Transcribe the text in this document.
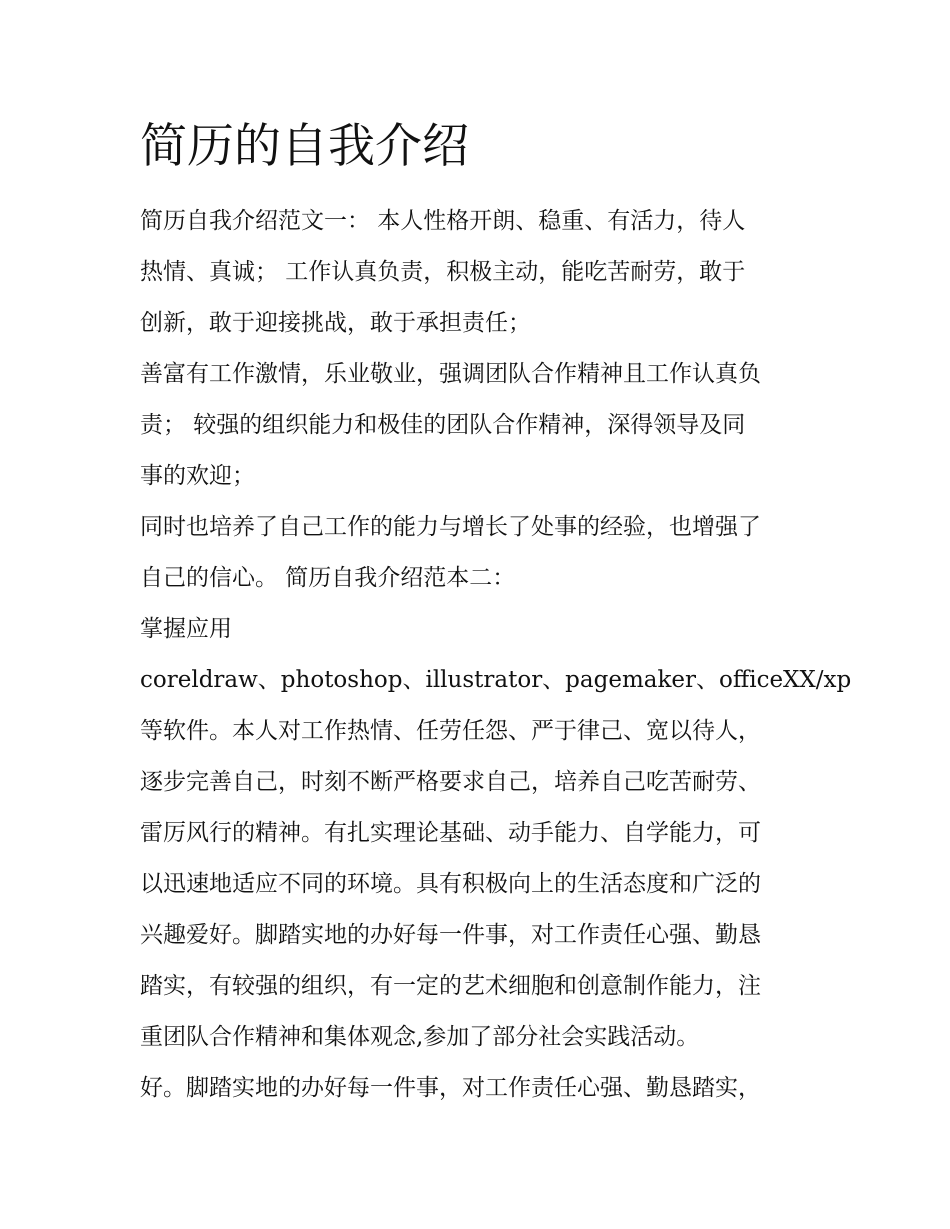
简历的自我介绍

简历自我介绍范文一： 本人性格开朗、稳重、有活力，待人

热情、真诚； 工作认真负责，积极主动，能吃苦耐劳，敢于

创新，敢于迎接挑战，敢于承担责任；

善富有工作激情，乐业敬业，强调团队合作精神且工作认真负

责； 较强的组织能力和极佳的团队合作精神，深得领导及同

事的欢迎；

同时也培养了自己工作的能力与增长了处事的经验，也增强了

自己的信心。 简历自我介绍范本二：

掌握应用

coreldraw、photoshop、illustrator、pagemaker、officeXX/xp

等软件。本人对工作热情、任劳任怨、严于律己、宽以待人，

逐步完善自己，时刻不断严格要求自己，培养自己吃苦耐劳、

雷厉风行的精神。有扎实理论基础、动手能力、自学能力，可

以迅速地适应不同的环境。具有积极向上的生活态度和广泛的

兴趣爱好。脚踏实地的办好每一件事，对工作责任心强、勤恳

踏实，有较强的组织，有一定的艺术细胞和创意制作能力，注

重团队合作精神和集体观念,参加了部分社会实践活动。

好。脚踏实地的办好每一件事，对工作责任心强、勤恳踏实，
